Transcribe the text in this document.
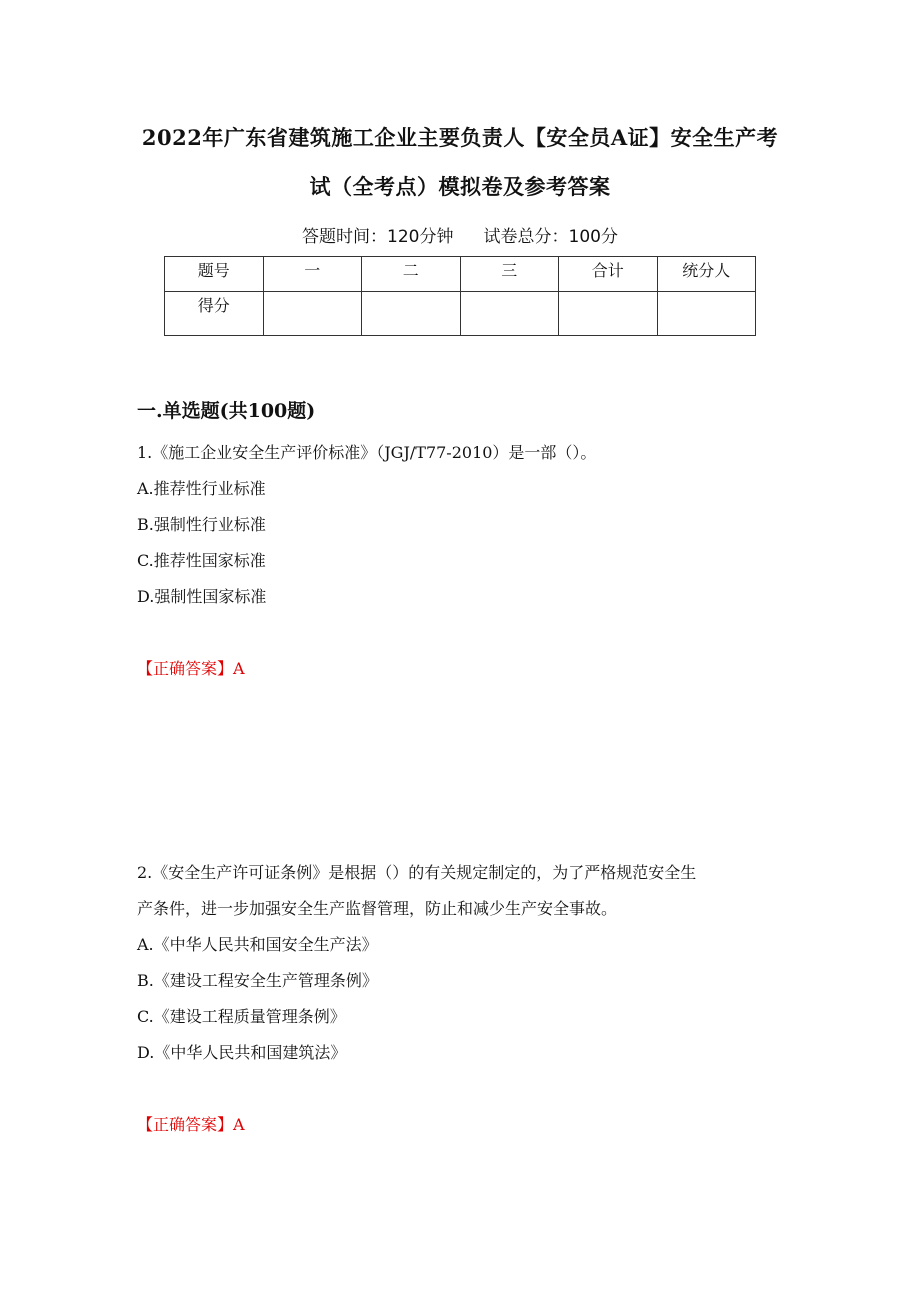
2022年广东省建筑施工企业主要负责人【安全员A证】安全生产考
试（全考点）模拟卷及参考答案
答题时间：120分钟 试卷总分：100分
题号	一	二	三	合计	统分人
得分					
一.单选题(共100题)
1.《施工企业安全生产评价标准》（JGJ/T77-2010）是一部（）。
A.推荐性行业标准
B.强制性行业标准
C.推荐性国家标准
D.强制性国家标准
【正确答案】A
2.《安全生产许可证条例》是根据（）的有关规定制定的，为了严格规范安全生
产条件，进一步加强安全生产监督管理，防止和减少生产安全事故。
A.《中华人民共和国安全生产法》
B.《建设工程安全生产管理条例》
C.《建设工程质量管理条例》
D.《中华人民共和国建筑法》
【正确答案】A
